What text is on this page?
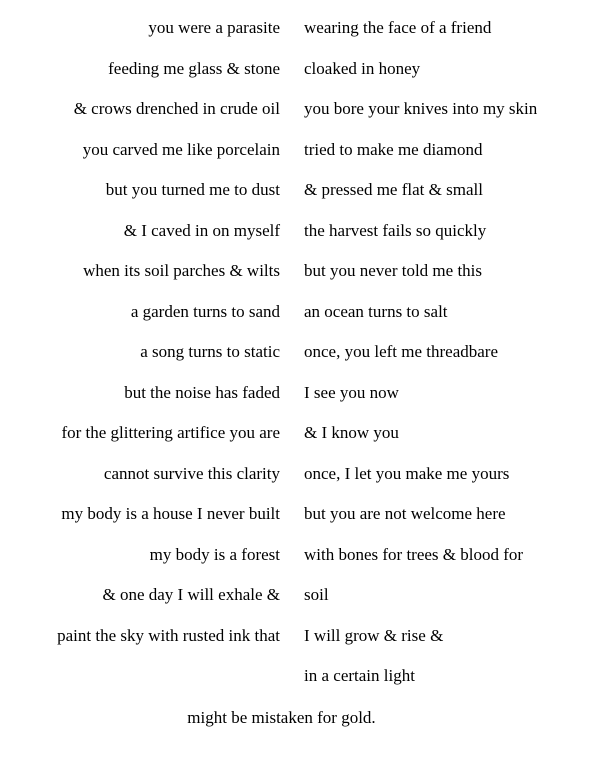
you were a parasite wearing the face of a friend
feeding me glass & stone cloaked in honey
& crows drenched in crude oil you bore your knives into my skin
you carved me like porcelain tried to make me diamond
but you turned me to dust & pressed me flat & small
& I caved in on myself the harvest fails so quickly
when its soil parches & wilts but you never told me this
a garden turns to sand an ocean turns to salt
a song turns to static once, you left me threadbare
but the noise has faded I see you now
for the glittering artifice you are & I know you
cannot survive this clarity once, I let you make me yours
my body is a house I never built but you are not welcome here
my body is a forest with bones for trees & blood for
& one day I will exhale & soil
paint the sky with rusted ink that I will grow & rise &
in a certain light
might be mistaken for gold.
